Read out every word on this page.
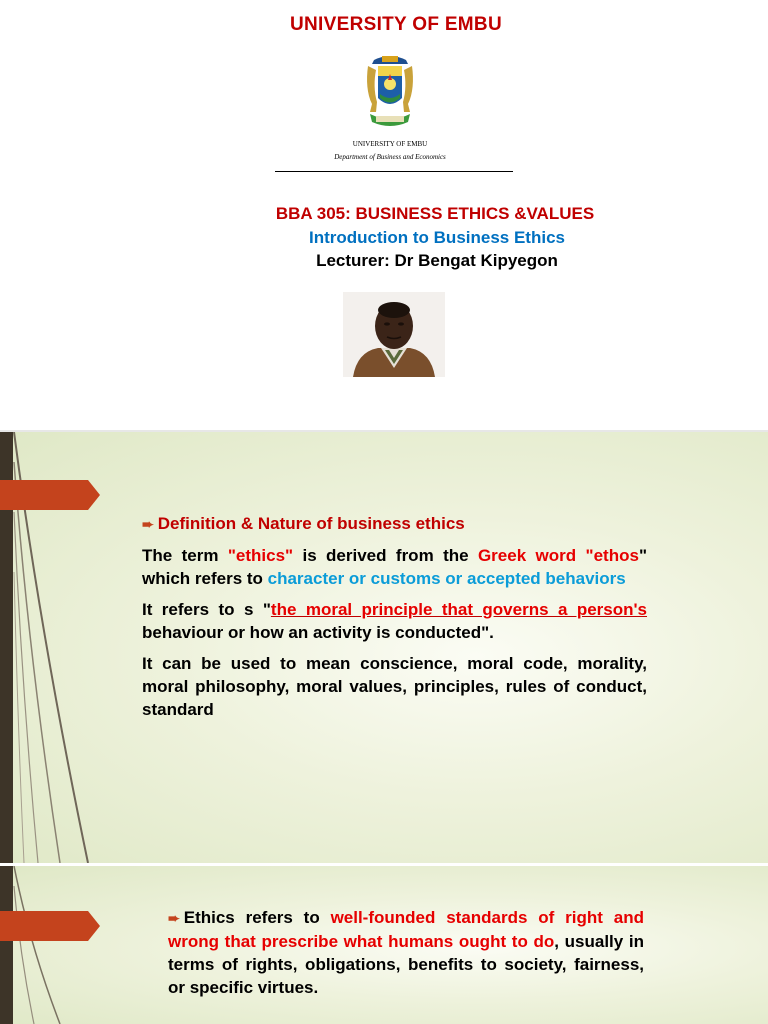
UNIVERSITY OF EMBU
UNIVERSITY OF EMBU
Department of Business and Economics
BBA 305: BUSINESS ETHICS &VALUES
Introduction to Business Ethics
Lecturer: Dr Bengat Kipyegon

➨ Definition & Nature of business ethics

The term "ethics" is derived from the Greek word "ethos" which refers to character or customs or accepted behaviors

It refers to s "the moral principle that governs a person's behaviour or how an activity is conducted".

It can be used to mean conscience, moral code, morality, moral philosophy, moral values, principles, rules of conduct, standard

➨ Ethics refers to well-founded standards of right and wrong that prescribe what humans ought to do, usually in terms of rights, obligations, benefits to society, fairness, or specific virtues.
